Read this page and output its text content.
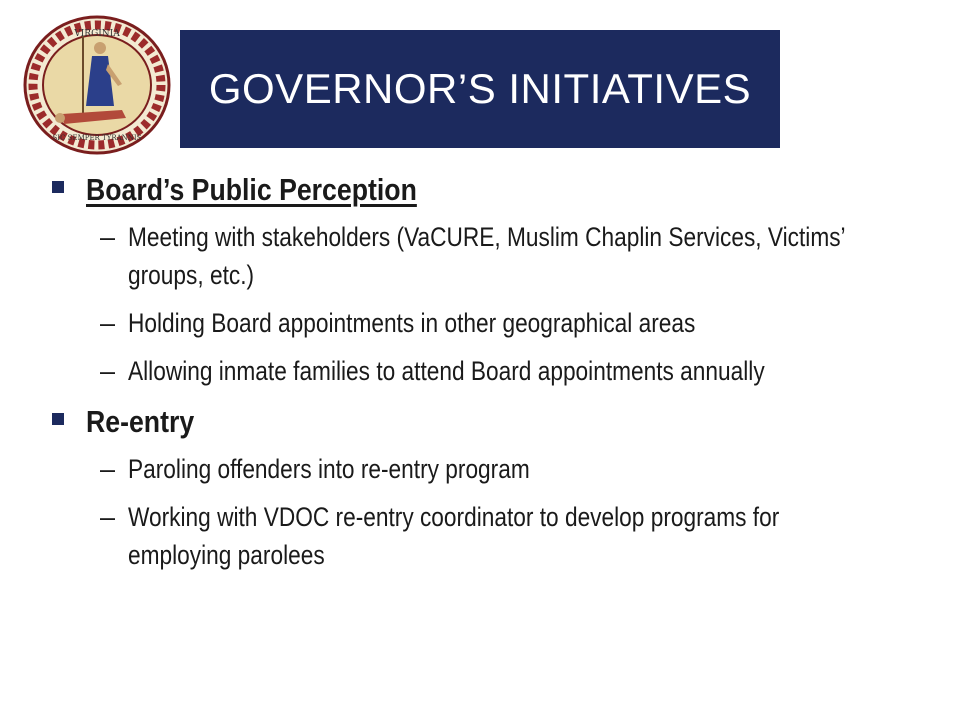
VIRGINIA
SIC SEMPER TYRANNIS
GOVERNOR’S INITIATIVES
Board’s Public Perception
– Meeting with stakeholders (VaCURE, Muslim Chaplin Services, Victims’ groups, etc.)
– Holding Board appointments in other geographical areas
– Allowing inmate families to attend Board appointments annually
Re-entry
– Paroling offenders into re-entry program
– Working with VDOC re-entry coordinator to develop programs for employing parolees
